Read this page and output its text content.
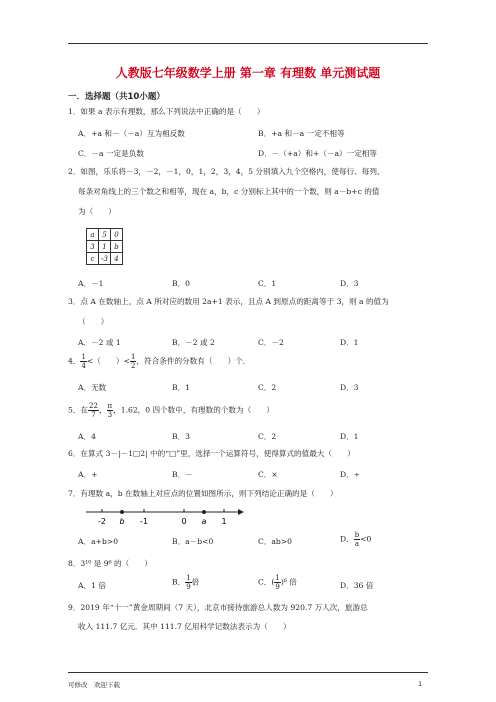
人教版七年级数学上册 第一章 有理数 单元测试题
一．选择题（共10小题）
1．如果 a 表示有理数，那么下列说法中正确的是（　　）
A．+a 和－（－a）互为相反数	B．+a 和－a 一定不相等
C．－a 一定是负数	D．－（+a）和+（－a）一定相等
2．如图，乐乐将－3，－2，－1，0，1，2，3，4，5 分别填入九个空格内，使每行、每列、
每条对角线上的三个数之和相等，现在 a，b，c 分别标上其中的一个数，则 a－b+c 的值
为（　　）
a	5	0
3	1	b
c	-3	4
A．－1	B．0	C．1	D．3
3．点 A 在数轴上，点 A 所对应的数用 2a+1 表示，且点 A 到原点的距离等于 3，则 a 的值为
（　　）
A．－2 或 1	B．－2 或 2	C．－2	D．1
4． $\frac{1}{4}$ <（　　）< $\frac{1}{2}$ ，符合条件的分数有（　　）个．
A．无数	B．1	C．2	D．3
5．在 $\frac{22}{7}$ ， $\frac{\pi}{3}$ ，1.62，0 四个数中，有理数的个数为（　　）
A．4	B．3	C．2	D．1
6．在算式 3－|－1□2| 中的“□”里，选择一个运算符号，使得算式的值最大（　　）
A．+	B．－	C．×	D．÷
7．有理数 a，b 在数轴上对应点的位置如图所示，则下列结论正确的是（　　）
-2 b -1	0 a 1
A．a+b>0	B．a－b<0	C．ab>0	D． $\frac{b}{a} <0$
8．3¹⁰ 是 9⁶ 的（　　）
A．1 倍	B． $\frac{1}{9}$ 倍	C．( $\frac{1}{9} )^6$ 倍	D．36 倍
9．2019 年“十一”黄金周期间（7 天），北京市接待旅游总人数为 920.7 万人次，旅游总
收入 111.7 亿元．其中 111.7 亿用科学记数法表示为（　　）
可修改　欢迎下载	1
